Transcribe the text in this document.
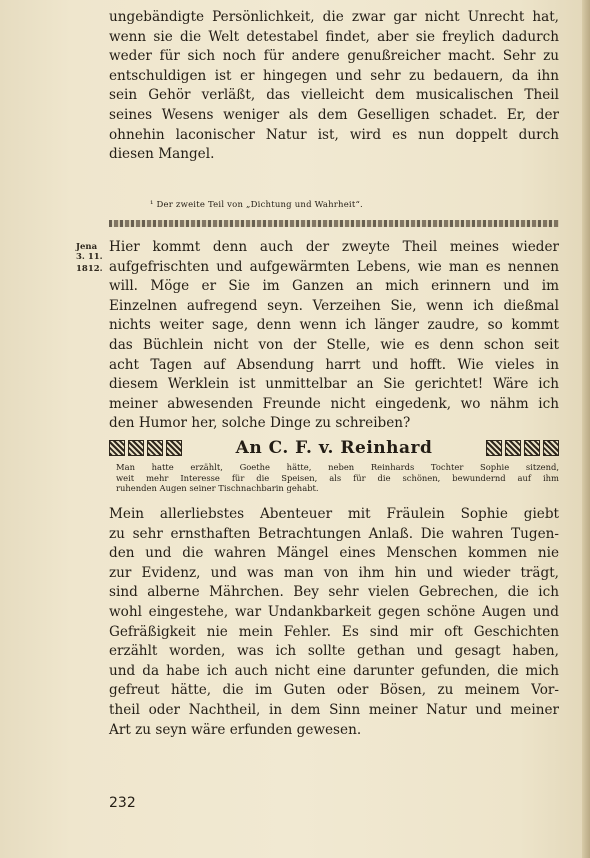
ungebändigte Persönlichkeit, die zwar gar nicht Unrecht hat,
wenn sie die Welt detestabel findet, aber sie freylich dadurch
weder für sich noch für andere genußreicher macht. Sehr zu
entschuldigen ist er hingegen und sehr zu bedauern, da ihn
sein Gehör verläßt, das vielleicht dem musicalischen Theil
seines Wesens weniger als dem Geselligen schadet. Er, der
ohnehin laconischer Natur ist, wird es nun doppelt durch
diesen Mangel.
¹ Der zweite Teil von „Dichtung und Wahrheit“.
Jena
3. 11.
1812.
Hier kommt denn auch der zweyte Theil meines wieder
aufgefrischten und aufgewärmten Lebens, wie man es nennen
will. Möge er Sie im Ganzen an mich erinnern und im
Einzelnen aufregend seyn. Verzeihen Sie, wenn ich dießmal
nichts weiter sage, denn wenn ich länger zaudre, so kommt
das Büchlein nicht von der Stelle, wie es denn schon seit
acht Tagen auf Absendung harrt und hofft. Wie vieles in
diesem Werklein ist unmittelbar an Sie gerichtet! Wäre ich
meiner abwesenden Freunde nicht eingedenk, wo nähm ich
den Humor her, solche Dinge zu schreiben?
An C. F. v. Reinhard
Man hatte erzählt, Goethe hätte, neben Reinhards Tochter Sophie sitzend,
weit mehr Interesse für die Speisen, als für die schönen, bewundernd auf ihm
ruhenden Augen seiner Tischnachbarin gehabt.
Mein allerliebstes Abenteuer mit Fräulein Sophie giebt
zu sehr ernsthaften Betrachtungen Anlaß. Die wahren Tugen-
den und die wahren Mängel eines Menschen kommen nie
zur Evidenz, und was man von ihm hin und wieder trägt,
sind alberne Mährchen. Bey sehr vielen Gebrechen, die ich
wohl eingestehe, war Undankbarkeit gegen schöne Augen und
Gefräßigkeit nie mein Fehler. Es sind mir oft Geschichten
erzählt worden, was ich sollte gethan und gesagt haben,
und da habe ich auch nicht eine darunter gefunden, die mich
gefreut hätte, die im Guten oder Bösen, zu meinem Vor-
theil oder Nachtheil, in dem Sinn meiner Natur und meiner
Art zu seyn wäre erfunden gewesen.
232
